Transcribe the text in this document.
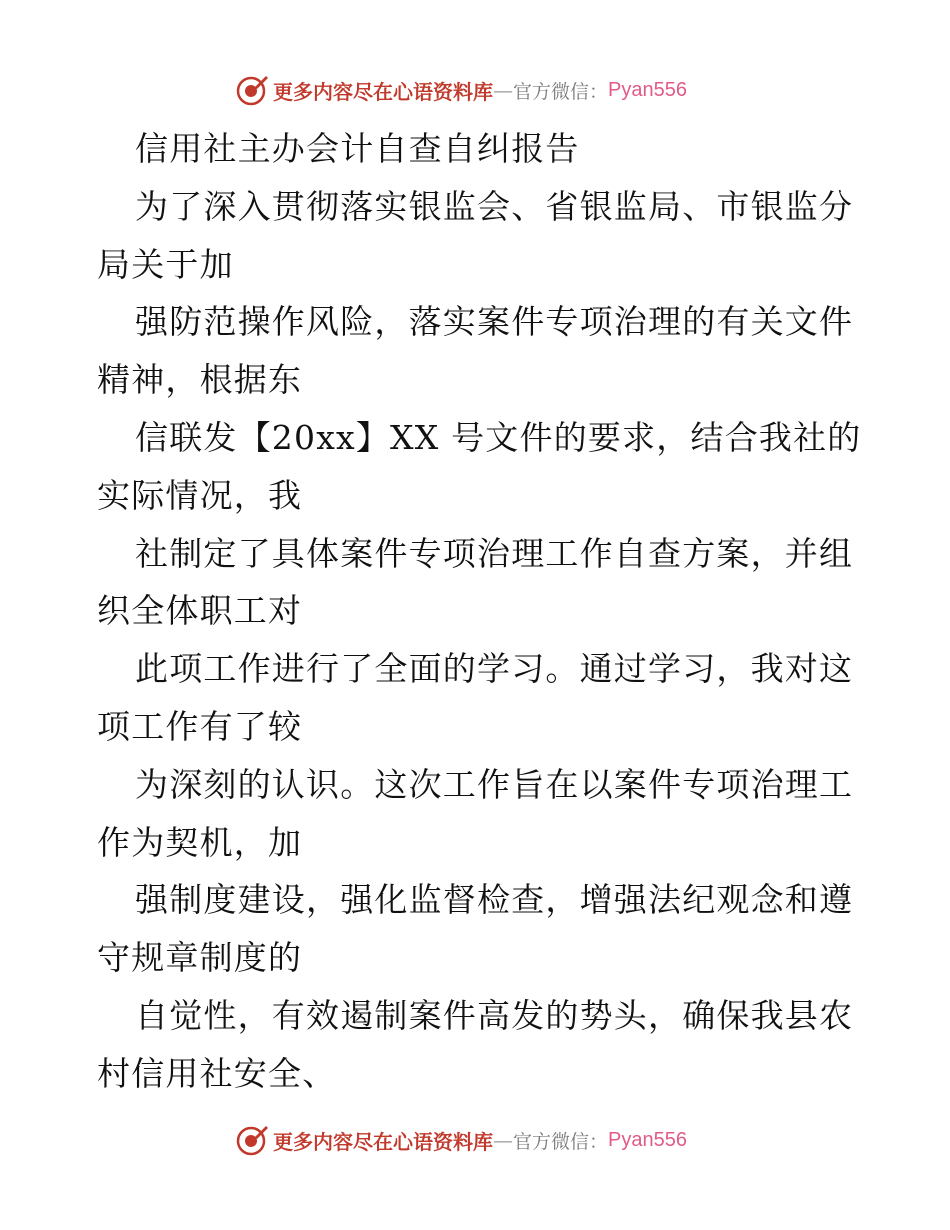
更多内容尽在心语资料库 — 官方微信： Pyan556
信用社主办会计自查自纠报告
为了深入贯彻落实银监会、省银监局、市银监分
局关于加
强防范操作风险，落实案件专项治理的有关文件
精神，根据东
信联发【20xx】XX 号文件的要求，结合我社的
实际情况，我
社制定了具体案件专项治理工作自查方案，并组
织全体职工对
此项工作进行了全面的学习。通过学习，我对这
项工作有了较
为深刻的认识。这次工作旨在以案件专项治理工
作为契机，加
强制度建设，强化监督检查，增强法纪观念和遵
守规章制度的
自觉性，有效遏制案件高发的势头，确保我县农
村信用社安全、
更多内容尽在心语资料库 — 官方微信： Pyan556
